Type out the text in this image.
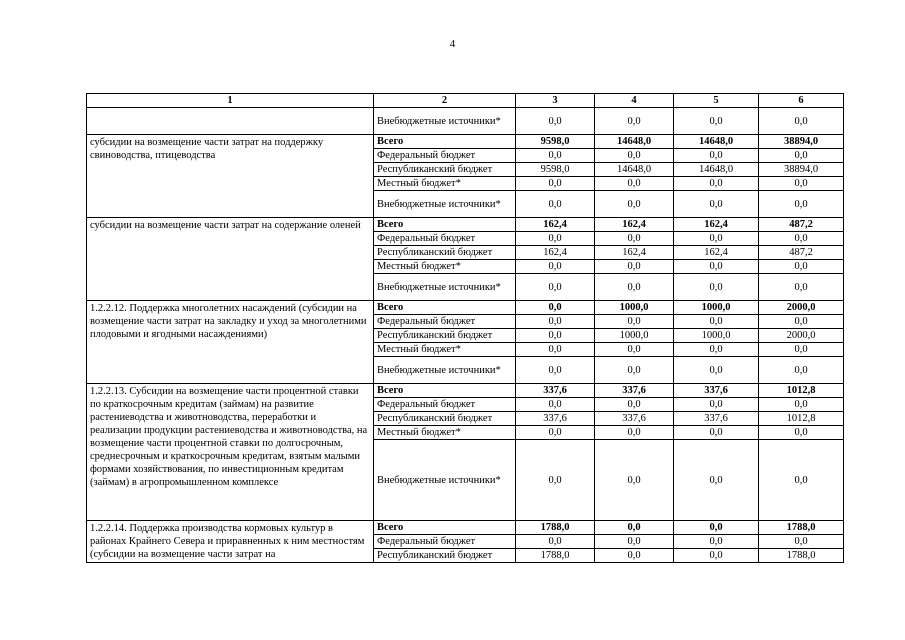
4
1	2	3	4	5	6
	Внебюджетные источники*	0,0	0,0	0,0	0,0
субсидии на возмещение части затрат на поддержку свиноводства, птицеводства	Всего	9598,0	14648,0	14648,0	38894,0
	Федеральный бюджет	0,0	0,0	0,0	0,0
	Республиканский бюджет	9598,0	14648,0	14648,0	38894,0
	Местный бюджет*	0,0	0,0	0,0	0,0
	Внебюджетные источники*	0,0	0,0	0,0	0,0
субсидии на возмещение части затрат на содержание оленей	Всего	162,4	162,4	162,4	487,2
	Федеральный бюджет	0,0	0,0	0,0	0,0
	Республиканский бюджет	162,4	162,4	162,4	487,2
	Местный бюджет*	0,0	0,0	0,0	0,0
	Внебюджетные источники*	0,0	0,0	0,0	0,0
1.2.2.12. Поддержка многолетних насаждений (субсидии на возмещение части затрат на закладку и уход за многолетними плодовыми и ягодными насаждениями)	Всего	0,0	1000,0	1000,0	2000,0
	Федеральный бюджет	0,0	0,0	0,0	0,0
	Республиканский бюджет	0,0	1000,0	1000,0	2000,0
	Местный бюджет*	0,0	0,0	0,0	0,0
	Внебюджетные источники*	0,0	0,0	0,0	0,0
1.2.2.13. Субсидии на возмещение части процентной ставки по краткосрочным кредитам (займам) на развитие растениеводства и животноводства, переработки и реализации продукции растениеводства и животноводства, на возмещение части процентной ставки по долгосрочным, среднесрочным и краткосрочным кредитам, взятым малыми формами хозяйствования, по инвестиционным кредитам (займам) в агропромышленном комплексе	Всего	337,6	337,6	337,6	1012,8
	Федеральный бюджет	0,0	0,0	0,0	0,0
	Республиканский бюджет	337,6	337,6	337,6	1012,8
	Местный бюджет*	0,0	0,0	0,0	0,0
	Внебюджетные источники*	0,0	0,0	0,0	0,0
1.2.2.14. Поддержка производства кормовых культур в районах Крайнего Севера и приравненных к ним местностям (субсидии на возмещение части затрат на	Всего	1788,0	0,0	0,0	1788,0
	Федеральный бюджет	0,0	0,0	0,0	0,0
	Республиканский бюджет	1788,0	0,0	0,0	1788,0
